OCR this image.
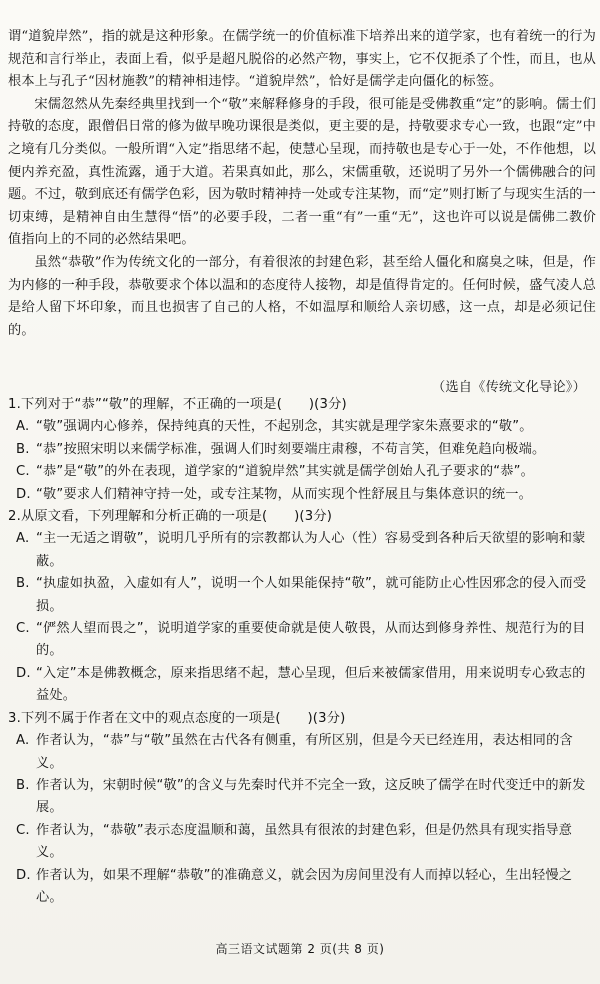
谓“道貌岸然”，指的就是这种形象。在儒学统一的价值标准下培养出来的道学家，也有着统一的行为规范和言行举止，表面上看，似乎是超凡脱俗的必然产物，事实上，它不仅扼杀了个性，而且，也从根本上与孔子“因材施教”的精神相违悖。“道貌岸然”，恰好是儒学走向僵化的标签。

宋儒忽然从先秦经典里找到一个“敬”来解释修身的手段，很可能是受佛教重“定”的影响。儒士们持敬的态度，跟僧侣日常的修为做早晚功课很是类似，更主要的是，持敬要求专心一致，也跟“定”中之境有几分类似。一般所谓“入定”指思绪不起，使慧心呈现，而持敬也是专心于一处，不作他想，以便内养充盈，真性流露，通于大道。若果真如此，那么，宋儒重敬，还说明了另外一个儒佛融合的问题。不过，敬到底还有儒学色彩，因为敬时精神持一处或专注某物，而“定”则打断了与现实生活的一切束缚，是精神自由生慧得“悟”的必要手段，二者一重“有”一重“无”，这也许可以说是儒佛二教价值指向上的不同的必然结果吧。

虽然“恭敬”作为传统文化的一部分，有着很浓的封建色彩，甚至给人僵化和腐臭之味，但是，作为内修的一种手段，恭敬要求个体以温和的态度待人接物，却是值得肯定的。任何时候，盛气凌人总是给人留下坏印象，而且也损害了自己的人格，不如温厚和顺给人亲切感，这一点，却是必须记住的。

（选自《传统文化导论》）

1.下列对于“恭”“敬”的理解，不正确的一项是(　　)(3分)

A. “敬”强调内心修养，保持纯真的天性，不起别念，其实就是理学家朱熹要求的“敬”。

B. “恭”按照宋明以来儒学标准，强调人们时刻要端庄肃穆，不苟言笑，但难免趋向极端。

C. “恭”是“敬”的外在表现，道学家的“道貌岸然”其实就是儒学创始人孔子要求的“恭”。

D. “敬”要求人们精神守持一处，或专注某物，从而实现个性舒展且与集体意识的统一。

2.从原文看，下列理解和分析正确的一项是(　　)(3分)

A. “主一无适之谓敬”，说明几乎所有的宗教都认为人心（性）容易受到各种后天欲望的影响和蒙蔽。

B. “执虚如执盈，入虚如有人”，说明一个人如果能保持“敬”，就可能防止心性因邪念的侵入而受损。

C. “俨然人望而畏之”，说明道学家的重要使命就是使人敬畏，从而达到修身养性、规范行为的目的。

D. “入定”本是佛教概念，原来指思绪不起，慧心呈现，但后来被儒家借用，用来说明专心致志的益处。

3.下列不属于作者在文中的观点态度的一项是(　　)(3分)

A. 作者认为，“恭”与“敬”虽然在古代各有侧重，有所区别，但是今天已经连用，表达相同的含义。

B. 作者认为，宋朝时候“敬”的含义与先秦时代并不完全一致，这反映了儒学在时代变迁中的新发展。

C. 作者认为，“恭敬”表示态度温顺和蔼，虽然具有很浓的封建色彩，但是仍然具有现实指导意义。

D. 作者认为，如果不理解“恭敬”的准确意义，就会因为房间里没有人而掉以轻心，生出轻慢之心。

高三语文试题第 2 页(共 8 页)
